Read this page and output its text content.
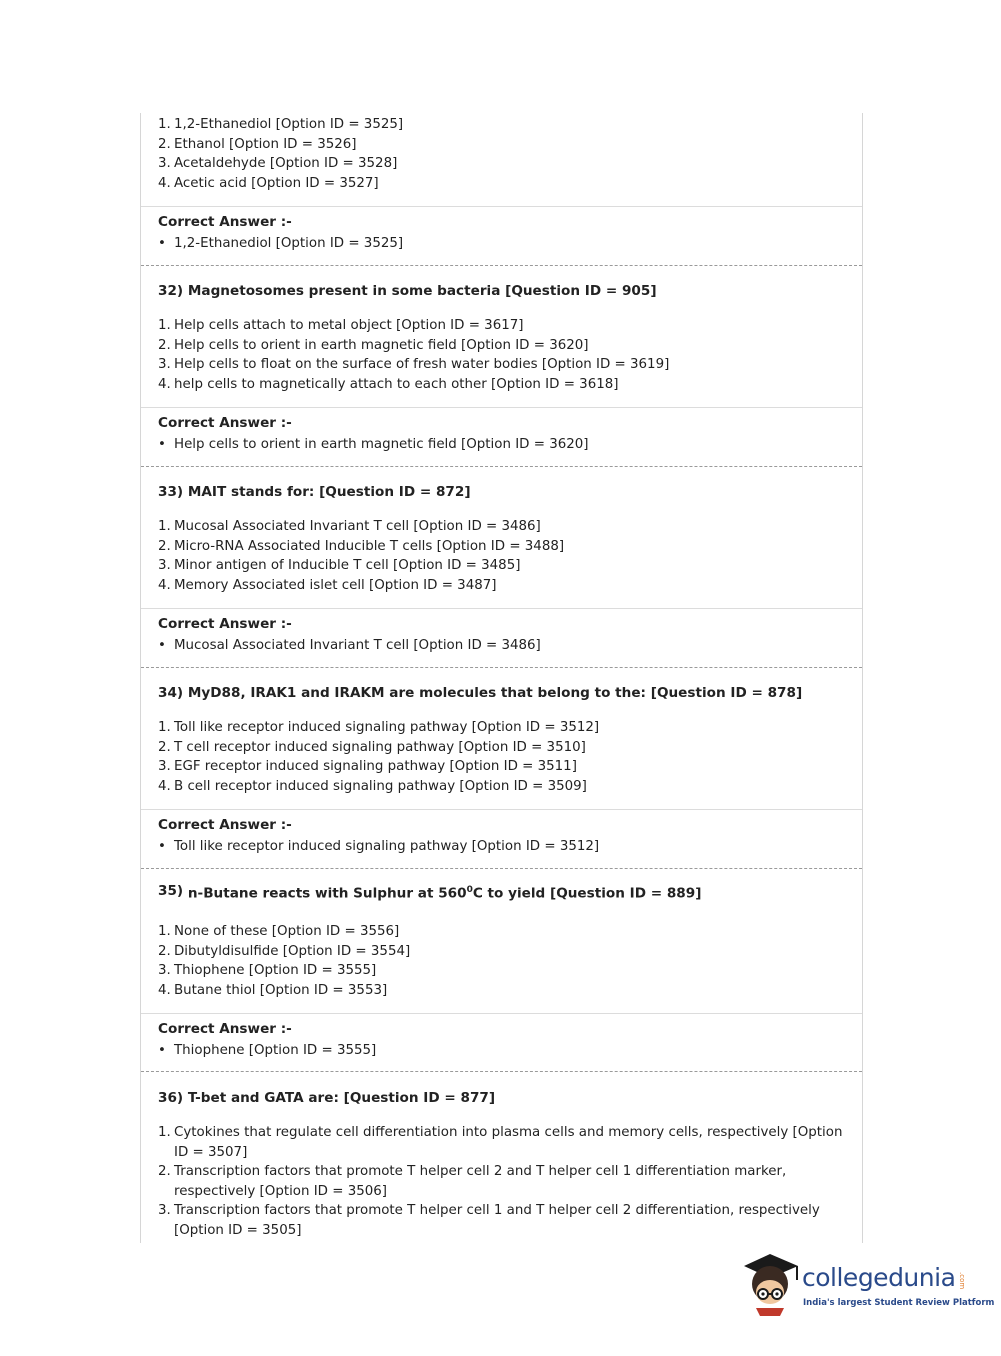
1. 1,2-Ethanediol [Option ID = 3525]
2. Ethanol [Option ID = 3526]
3. Acetaldehyde [Option ID = 3528]
4. Acetic acid [Option ID = 3527]
Correct Answer :-
• 1,2-Ethanediol [Option ID = 3525]
32) Magnetosomes present in some bacteria [Question ID = 905]
1. Help cells attach to metal object [Option ID = 3617]
2. Help cells to orient in earth magnetic field [Option ID = 3620]
3. Help cells to float on the surface of fresh water bodies [Option ID = 3619]
4. help cells to magnetically attach to each other [Option ID = 3618]
Correct Answer :-
• Help cells to orient in earth magnetic field [Option ID = 3620]
33) MAIT stands for: [Question ID = 872]
1. Mucosal Associated Invariant T cell [Option ID = 3486]
2. Micro-RNA Associated Inducible T cells [Option ID = 3488]
3. Minor antigen of Inducible T cell [Option ID = 3485]
4. Memory Associated islet cell [Option ID = 3487]
Correct Answer :-
• Mucosal Associated Invariant T cell [Option ID = 3486]
34) MyD88, IRAK1 and IRAKM are molecules that belong to the: [Question ID = 878]
1. Toll like receptor induced signaling pathway [Option ID = 3512]
2. T cell receptor induced signaling pathway [Option ID = 3510]
3. EGF receptor induced signaling pathway [Option ID = 3511]
4. B cell receptor induced signaling pathway [Option ID = 3509]
Correct Answer :-
• Toll like receptor induced signaling pathway [Option ID = 3512]
35) n-Butane reacts with Sulphur at $560^0C$ to yield [Question ID = 889]
1. None of these [Option ID = 3556]
2. Dibutyldisulfide [Option ID = 3554]
3. Thiophene [Option ID = 3555]
4. Butane thiol [Option ID = 3553]
Correct Answer :-
• Thiophene [Option ID = 3555]
36) T-bet and GATA are: [Question ID = 877]
1. Cytokines that regulate cell differentiation into plasma cells and memory cells, respectively [Option ID = 3507]
2. Transcription factors that promote T helper cell 2 and T helper cell 1 differentiation marker, respectively [Option ID = 3506]
3. Transcription factors that promote T helper cell 1 and T helper cell 2 differentiation, respectively [Option ID = 3505]
collegedunia .com
India's largest Student Review Platform
